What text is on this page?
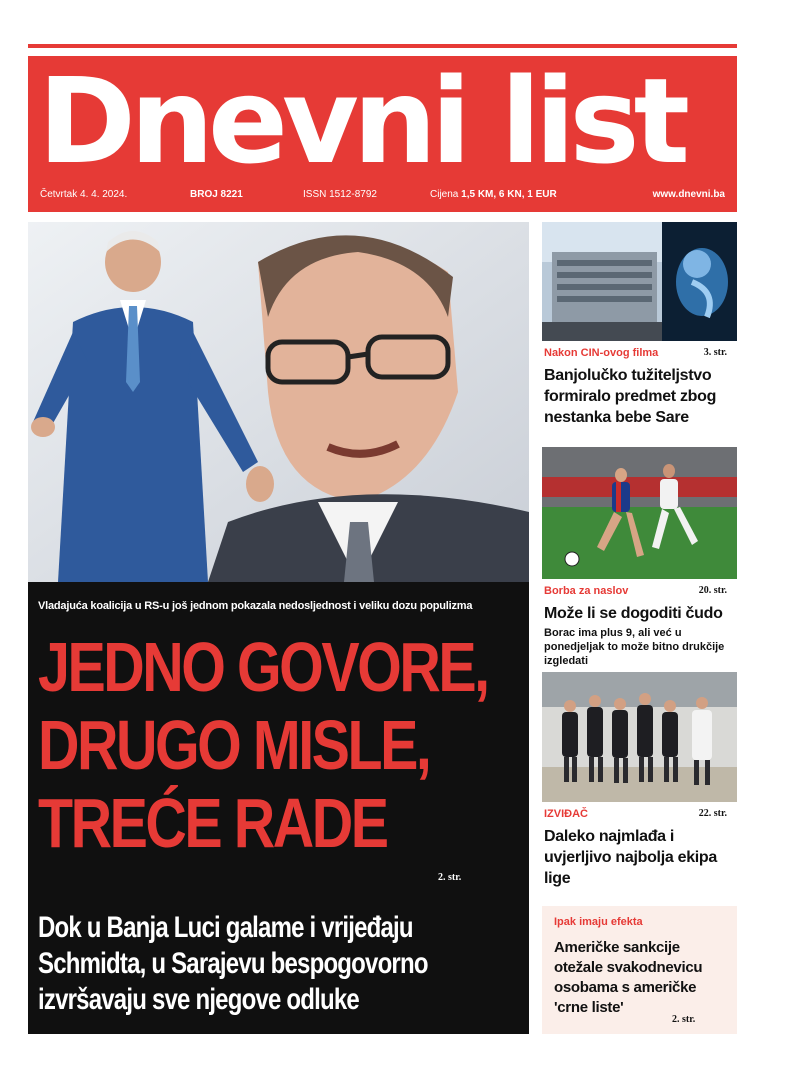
Dnevni list
Četvrtak 4. 4. 2024.	BROJ 8221	ISSN 1512-8792	Cijena 1,5 KM, 6 KN, 1 EUR	www.dnevni.ba
Vladajuća koalicija u RS-u još jednom pokazala nedosljednost i veliku dozu populizma
JEDNO GOVORE,
DRUGO MISLE,
TREĆE RADE
2. str.
Dok u Banja Luci galame i vrijeđaju
Schmidta, u Sarajevu bespogovorno
izvršavaju sve njegove odluke
Nakon CIN-ovog filma	3. str.
Banjolučko tužiteljstvo formiralo predmet zbog nestanka bebe Sare
Borba za naslov	20. str.
Može li se dogoditi čudo
Borac ima plus 9, ali već u ponedjeljak to može bitno drukčije izgledati
IZVIĐAČ	22. str.
Daleko najmlađa i uvjerljivo najbolja ekipa lige
Ipak imaju efekta
Američke sankcije otežale svakodnevicu osobama s američke 'crne liste'
2. str.
